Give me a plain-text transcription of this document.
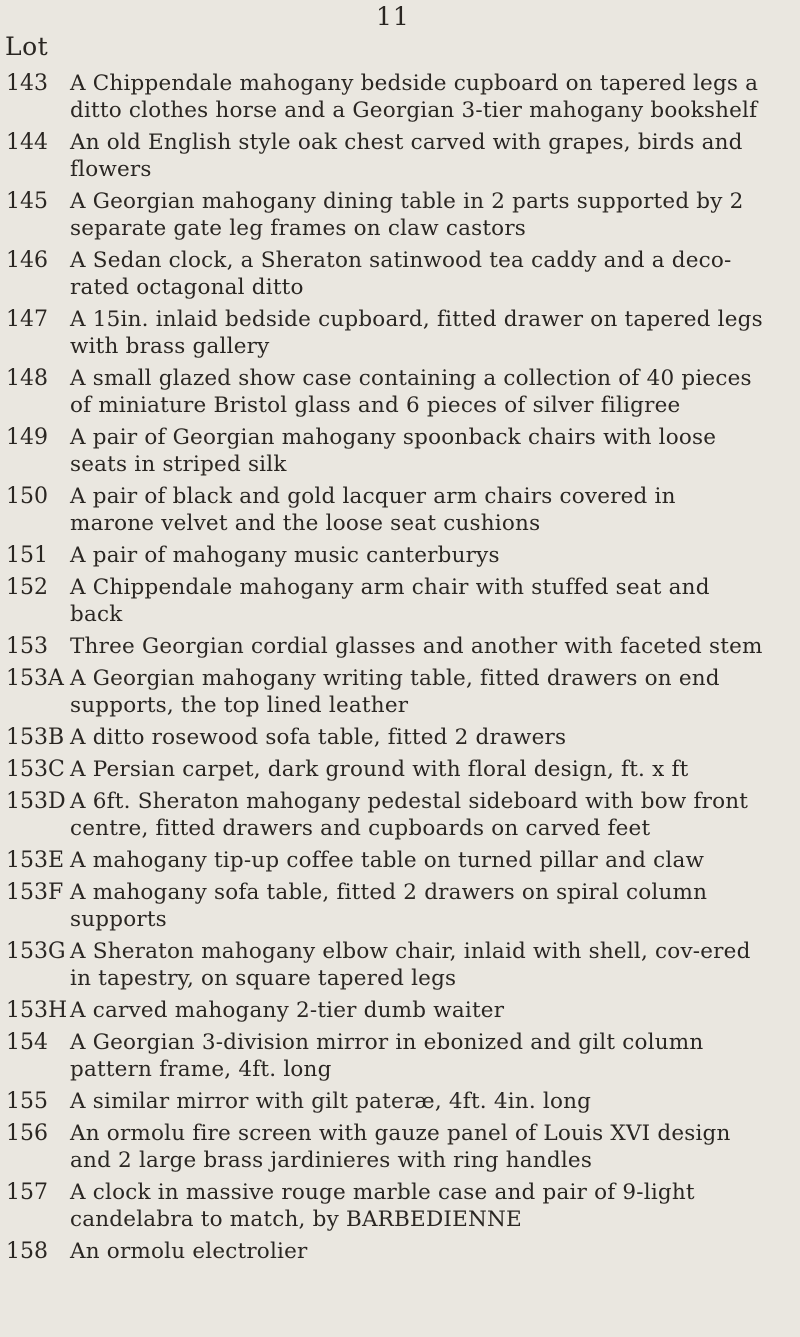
11
Lot
143	A Chippendale mahogany bedside cupboard on tapered legs a ditto clothes horse and a Georgian 3-tier mahogany bookshelf
144	An old English style oak chest carved with grapes, birds and flowers
145	A Georgian mahogany dining table in 2 parts supported by 2 separate gate leg frames on claw castors
146	A Sedan clock, a Sheraton satinwood tea caddy and a deco-rated octagonal ditto
147	A 15in. inlaid bedside cupboard, fitted drawer on tapered legs with brass gallery
148	A small glazed show case containing a collection of 40 pieces of miniature Bristol glass and 6 pieces of silver filigree
149	A pair of Georgian mahogany spoonback chairs with loose seats in striped silk
150	A pair of black and gold lacquer arm chairs covered in marone velvet and the loose seat cushions
151	A pair of mahogany music canterburys
152	A Chippendale mahogany arm chair with stuffed seat and back
153	Three Georgian cordial glasses and another with faceted stem
153A A Georgian mahogany writing table, fitted drawers on end supports, the top lined leather
153B A ditto rosewood sofa table, fitted 2 drawers
153C A Persian carpet, dark ground with floral design, ft. x ft
153D A 6ft. Sheraton mahogany pedestal sideboard with bow front centre, fitted drawers and cupboards on carved feet
153E A mahogany tip-up coffee table on turned pillar and claw
153F A mahogany sofa table, fitted 2 drawers on spiral column supports
153G A Sheraton mahogany elbow chair, inlaid with shell, cov-ered in tapestry, on square tapered legs
153H A carved mahogany 2-tier dumb waiter
154	A Georgian 3-division mirror in ebonized and gilt column pattern frame, 4ft. long
155	A similar mirror with gilt pateræ, 4ft. 4in. long
156	An ormolu fire screen with gauze panel of Louis XVI design and 2 large brass jardinieres with ring handles
157	A clock in massive rouge marble case and pair of 9-light candelabra to match, by BARBEDIENNE
158	An ormolu electrolier
